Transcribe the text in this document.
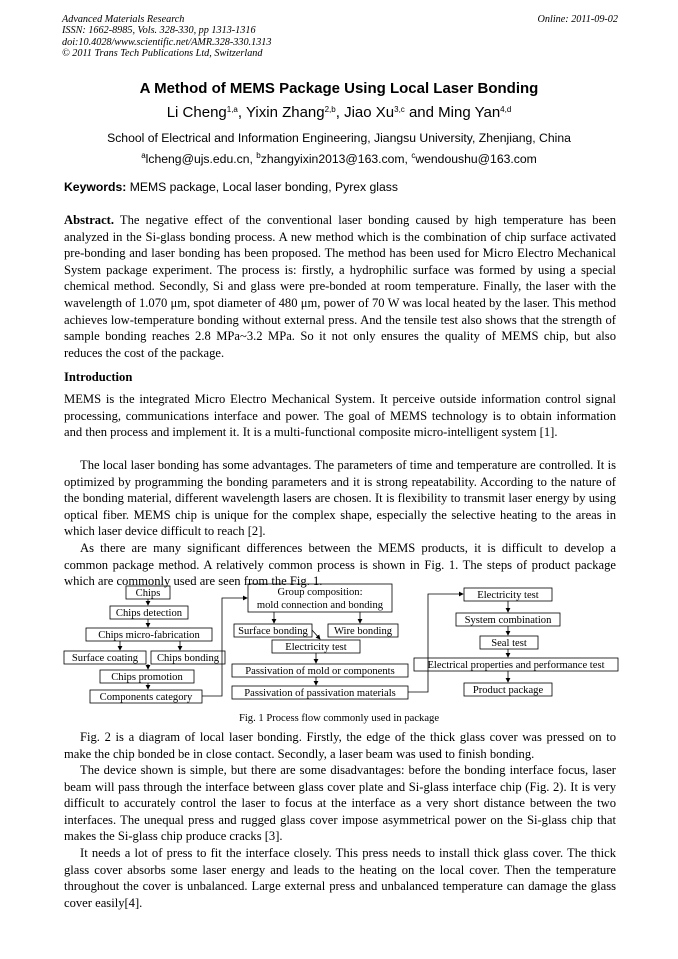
Advanced Materials Research
ISSN: 1662-8985, Vols. 328-330, pp 1313-1316
doi:10.4028/www.scientific.net/AMR.328-330.1313
© 2011 Trans Tech Publications Ltd, Switzerland
Online: 2011-09-02
A Method of MEMS Package Using Local Laser Bonding
Li Cheng$^{1,a}$, Yixin Zhang$^{2,b}$, Jiao Xu$^{3,c}$ and Ming Yan$^{4,d}$
School of Electrical and Information Engineering, Jiangsu University, Zhenjiang, China
$^a$lcheng@ujs.edu.cn, $^b$zhangyixin2013@163.com, $^c$wendoushu@163.com
Keywords: MEMS package, Local laser bonding, Pyrex glass
Abstract. The negative effect of the conventional laser bonding caused by high temperature has been analyzed in the Si-glass bonding process. A new method which is the combination of chip surface activated pre-bonding and laser bonding has been proposed. The method has been used for Micro Electro Mechanical System package experiment. The process is: firstly, a hydrophilic surface was formed by using a special chemical method. Secondly, Si and glass were pre-bonded at room temperature. Finally, the laser with the wavelength of 1.070 μm, spot diameter of 480 μm, power of 70 W was local heated by the laser. This method achieves low-temperature bonding without external press. And the tensile test also shows that the strength of sample bonding reaches 2.8 MPa~3.2 MPa. So it not only ensures the quality of MEMS chip, but also reduces the cost of the package.
Introduction
MEMS is the integrated Micro Electro Mechanical System. It perceive outside information control signal processing, communications interface and power. The goal of MEMS technology is to obtain information and then process and implement it. It is a multi-functional composite micro-intelligent system [1].
The local laser bonding has some advantages. The parameters of time and temperature are controlled. It is optimized by programming the bonding parameters and it is strong repeatability. According to the nature of the bonding material, different wavelength lasers are chosen. It is flexibility to transmit laser energy by using optical fiber. MEMS chip is unique for the complex shape, especially the selective heating to the areas in which laser device difficult to reach [2].
As there are many significant differences between the MEMS products, it is difficult to develop a common package method. A relatively common process is shown in Fig. 1. The steps of product package which are commonly used are seen from the Fig. 1.
Chips
Chips detection
Chips micro-fabrication
Surface coating Chips bonding
Chips promotion
Components category
Group composition:
mold connection and bonding
Surface bonding Wire bonding
Electricity test
Passivation of mold or components
Passivation of passivation materials
Electricity test
System combination
Seal test
Electrical properties and performance test
Product package
Fig. 1 Process flow commonly used in package
Fig. 2 is a diagram of local laser bonding. Firstly, the edge of the thick glass cover was pressed on to make the chip bonded be in close contact. Secondly, a laser beam was used to finish bonding.
The device shown is simple, but there are some disadvantages: before the bonding interface focus, laser beam will pass through the interface between glass cover plate and Si-glass interface chip (Fig. 2). It is very difficult to accurately control the laser to focus at the interface as a very short distance between the two interfaces. The unequal press and rugged glass cover impose asymmetrical power on the Si-glass chip that makes the Si-glass chip produce cracks [3].
It needs a lot of press to fit the interface closely. This press needs to install thick glass cover. The thick glass cover absorbs some laser energy and leads to the heating on the local cover. Then the temperature throughout the cover is unbalanced. Large external press and unbalanced temperature can damage the glass cover easily[4].
